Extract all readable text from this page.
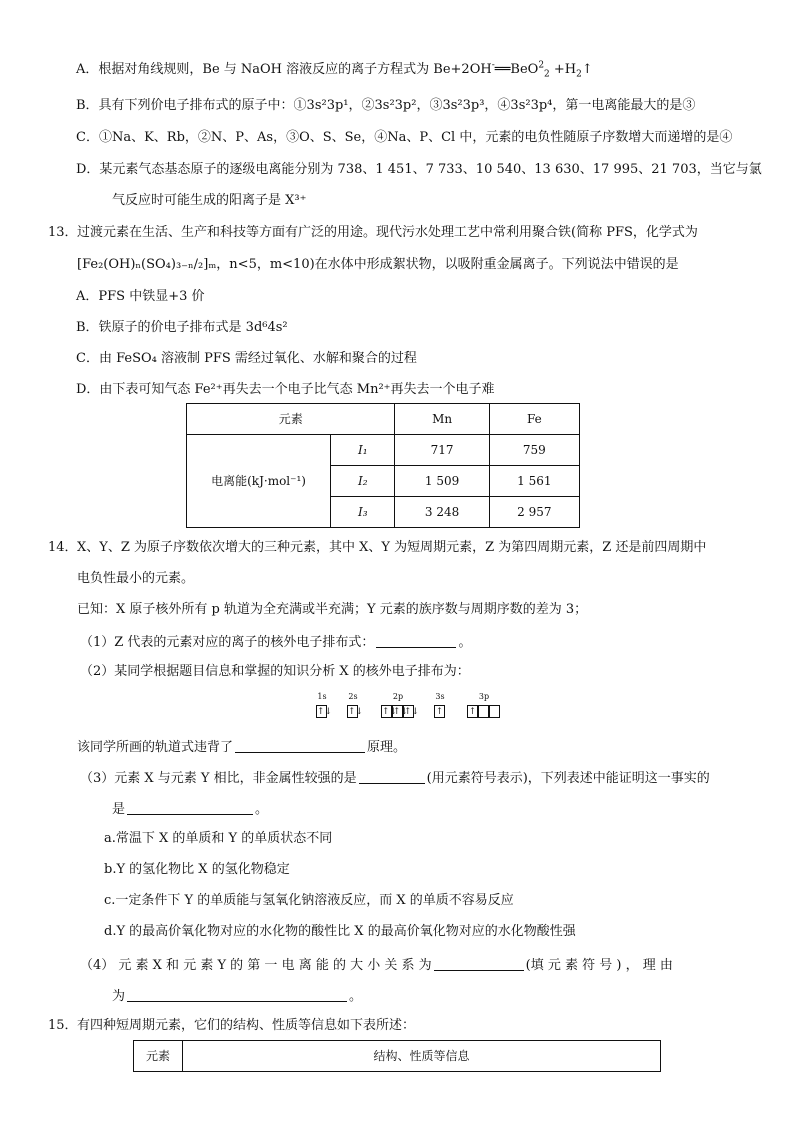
A．根据对角线规则，Be 与 NaOH 溶液反应的离子方程式为 Be+2OH-══BeO$^2_2$ $+H_2↑$
B．具有下列价电子排布式的原子中：①3s²3p¹，②3s²3p²，③3s²3p³，④3s²3p⁴，第一电离能最大的是③
C．①Na、K、Rb，②N、P、As，③O、S、Se，④Na、P、Cl 中，元素的电负性随原子序数增大而递增的是④
D．某元素气态基态原子的逐级电离能分别为 738、1 451、7 733、10 540、13 630、17 995、21 703，当它与氯
气反应时可能生成的阳离子是 X³⁺
13． 过渡元素在生活、生产和科技等方面有广泛的用途。现代污水处理工艺中常利用聚合铁(简称 PFS，化学式为
[Fe₂(OH)ₙ(SO₄)₃₋ₙ/₂]ₘ，n<5，m<10)在水体中形成絮状物，以吸附重金属离子。下列说法中错误的是
A．PFS 中铁显+3 价
B．铁原子的价电子排布式是 3d⁶4s²
C．由 FeSO₄ 溶液制 PFS 需经过氧化、水解和聚合的过程
D．由下表可知气态 Fe²⁺再失去一个电子比气态 Mn²⁺再失去一个电子难
元素		Mn	Fe
电离能(kJ·mol⁻¹)	I₁	717	759
	I₂	1 509	1 561
	I₃	3 248	2 957
14． X、Y、Z 为原子序数依次增大的三种元素，其中 X、Y 为短周期元素，Z 为第四周期元素，Z 还是前四周期中
电负性最小的元素。
已知：X 原子核外所有 p 轨道为全充满或半充满；Y 元素的族序数与周期序数的差为 3；
（1）Z 代表的元素对应的离子的核外电子排布式：	。
（2）某同学根据题目信息和掌握的知识分析 X 的核外电子排布为：
1s	2s	2p	3s	3p
↑↓ ↑↓ ↑↓
↑↓
↑↓ ↑	↑
该同学所画的轨道式违背了	原理。
（3）元素 X 与元素 Y 相比，非金属性较强的是	(用元素符号表示)，下列表述中能证明这一事实的
是	。
a.常温下 X 的单质和 Y 的单质状态不同
b.Y 的氢化物比 X 的氢化物稳定
c.一定条件下 Y 的单质能与氢氧化钠溶液反应，而 X 的单质不容易反应
d.Y 的最高价氧化物对应的水化物的酸性比 X 的最高价氧化物对应的水化物酸性强
（4） 元 素 X 和 元 素 Y 的 第 一 电 离 能 的 大 小 关 系 为	(填 元 素 符 号 ) ， 理 由
为	。
15． 有四种短周期元素，它们的结构、性质等信息如下表所述：
元素	结构、性质等信息
